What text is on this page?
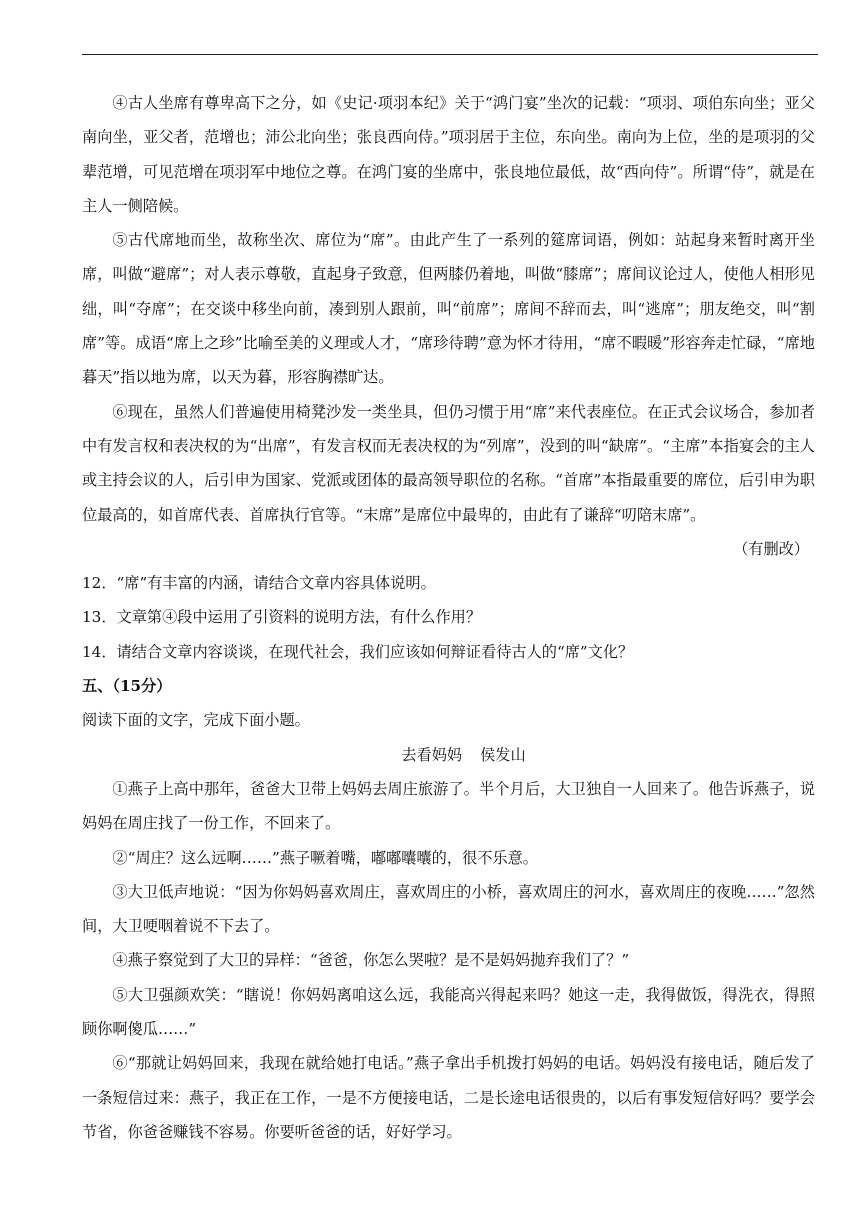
④古人坐席有尊卑高下之分，如《史记·项羽本纪》关于“鸿门宴”坐次的记载：“项羽、项伯东向坐；亚父南向坐，亚父者，范增也；沛公北向坐；张良西向侍。”项羽居于主位，东向坐。南向为上位，坐的是项羽的父辈范增，可见范增在项羽军中地位之尊。在鸿门宴的坐席中，张良地位最低，故“西向侍”。所谓“侍”，就是在主人一侧陪候。

⑤古代席地而坐，故称坐次、席位为“席”。由此产生了一系列的筵席词语，例如：站起身来暂时离开坐席，叫做“避席”；对人表示尊敬，直起身子致意，但两膝仍着地，叫做“膝席”；席间议论过人，使他人相形见绌，叫“夺席”；在交谈中移坐向前，凑到别人跟前，叫“前席”；席间不辞而去，叫“逃席”；朋友绝交，叫“割席”等。成语“席上之珍”比喻至美的义理或人才，“席珍待聘”意为怀才待用，“席不暇暖”形容奔走忙碌，“席地暮天”指以地为席，以天为暮，形容胸襟旷达。

⑥现在，虽然人们普遍使用椅凳沙发一类坐具，但仍习惯于用“席”来代表座位。在正式会议场合，参加者中有发言权和表决权的为“出席”，有发言权而无表决权的为“列席”，没到的叫“缺席”。“主席”本指宴会的主人或主持会议的人，后引申为国家、党派或团体的最高领导职位的名称。“首席”本指最重要的席位，后引申为职位最高的，如首席代表、首席执行官等。“末席”是席位中最卑的，由此有了谦辞“叨陪末席”。

（有删改）

12．“席”有丰富的内涵，请结合文章内容具体说明。

13．文章第④段中运用了引资料的说明方法，有什么作用？

14．请结合文章内容谈谈，在现代社会，我们应该如何辩证看待古人的“席”文化？

五、（15分）

阅读下面的文字，完成下面小题。

去看妈妈 侯发山

①燕子上高中那年，爸爸大卫带上妈妈去周庄旅游了。半个月后，大卫独自一人回来了。他告诉燕子，说妈妈在周庄找了一份工作，不回来了。

②“周庄？这么远啊……”燕子噘着嘴，嘟嘟囔囔的，很不乐意。

③大卫低声地说：“因为你妈妈喜欢周庄，喜欢周庄的小桥，喜欢周庄的河水，喜欢周庄的夜晚……”忽然间，大卫哽咽着说不下去了。

④燕子察觉到了大卫的异样：“爸爸，你怎么哭啦？是不是妈妈抛弃我们了？”

⑤大卫强颜欢笑：“瞎说！你妈妈离咱这么远，我能高兴得起来吗？她这一走，我得做饭，得洗衣，得照顾你啊傻瓜……”

⑥“那就让妈妈回来，我现在就给她打电话。”燕子拿出手机拨打妈妈的电话。妈妈没有接电话，随后发了一条短信过来：燕子，我正在工作，一是不方便接电话，二是长途电话很贵的，以后有事发短信好吗？要学会节省，你爸爸赚钱不容易。你要听爸爸的话，好好学习。
